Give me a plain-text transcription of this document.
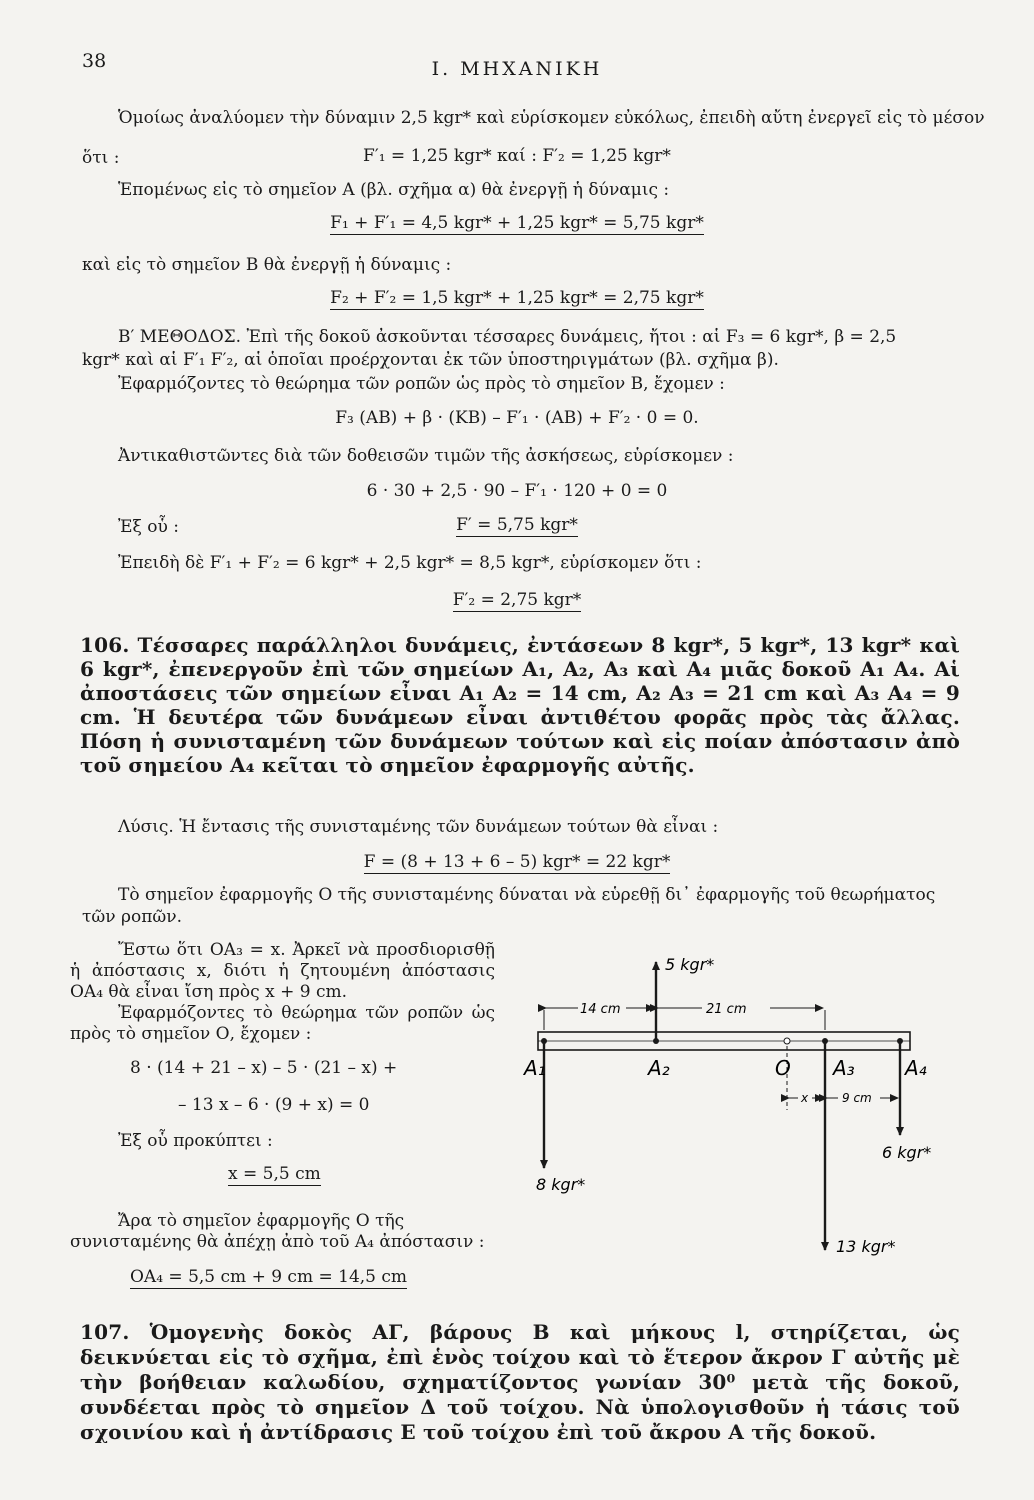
38	I. ΜΗΧΑΝΙΚΗ
Ὁμοίως ἀναλύομεν τὴν δύναμιν 2,5 kgr* καὶ εὑρίσκομεν εὐκόλως, ἐπειδὴ αὔτη ἐνεργεῖ εἰς τὸ μέσον
ὅτι :	F′₁ = 1,25 kgr* καί : F′₂ = 1,25 kgr*
Ἑπομένως εἰς τὸ σημεῖον Α (βλ. σχῆμα α) θὰ ἐνεργῇ ἡ δύναμις :
F₁ + F′₁ = 4,5 kgr* + 1,25 kgr* = 5,75 kgr*
καὶ εἰς τὸ σημεῖον Β θὰ ἐνεργῇ ἡ δύναμις :
F₂ + F′₂ = 1,5 kgr* + 1,25 kgr* = 2,75 kgr*
Β′ ΜΕΘΟΔΟΣ. Ἐπὶ τῆς δοκοῦ ἀσκοῦνται τέσσαρες δυνάμεις, ἤτοι : αἱ F₃ = 6 kgr*, β = 2,5
kgr* καὶ αἱ F′₁ F′₂, αἱ ὁποῖαι προέρχονται ἐκ τῶν ὑποστηριγμάτων (βλ. σχῆμα β).
Ἐφαρμόζοντες τὸ θεώρημα τῶν ροπῶν ὡς πρὸς τὸ σημεῖον Β, ἔχομεν :
F₃ (ΑΒ) + β · (ΚΒ) – F′₁ · (ΑΒ) + F′₂ · 0 = 0.
Ἀντικαθιστῶντες διὰ τῶν δοθεισῶν τιμῶν τῆς ἀσκήσεως, εὑρίσκομεν :
6 · 30 + 2,5 · 90 – F′₁ · 120 + 0 = 0
Ἐξ οὗ :	F′ = 5,75 kgr*
Ἐπειδὴ δὲ F′₁ + F′₂ = 6 kgr* + 2,5 kgr* = 8,5 kgr*, εὑρίσκομεν ὅτι :
F′₂ = 2,75 kgr*
106. Τέσσαρες παράλληλοι δυνάμεις, ἐντάσεων 8 kgr*, 5 kgr*, 13 kgr* καὶ 6 kgr*, ἐπενεργοῦν ἐπὶ τῶν σημείων Α₁, Α₂, Α₃ καὶ Α₄ μιᾶς δοκοῦ Α₁ Α₄. Αἱ ἀποστάσεις τῶν σημείων εἶναι Α₁ Α₂ = 14 cm, Α₂ Α₃ = 21 cm καὶ Α₃ Α₄ = 9 cm. Ἡ δευτέρα τῶν δυνάμεων εἶναι ἀντιθέτου φορᾶς πρὸς τὰς ἄλλας. Πόση ἡ συνισταμένη τῶν δυνάμεων τούτων καὶ εἰς ποίαν ἀπόστασιν ἀπὸ τοῦ σημείου Α₄ κεῖται τὸ σημεῖον ἐφαρμογῆς αὐτῆς.
Λύσις. Ἡ ἔντασις τῆς συνισταμένης τῶν δυνάμεων τούτων θὰ εἶναι :
F = (8 + 13 + 6 – 5) kgr* = 22 kgr*
Τὸ σημεῖον ἐφαρμογῆς Ο τῆς συνισταμένης δύναται νὰ εὑρεθῇ δι᾽ ἐφαρμογῆς τοῦ θεωρήματος τῶν ροπῶν.
Ἔστω ὅτι ΟΑ₃ = x. Ἀρκεῖ νὰ προσδιορισθῇ ἡ ἀπόστασις x, διότι ἡ ζητουμένη ἀπόστασις ΟΑ₄ θὰ εἶναι ἴση πρὸς x + 9 cm.
Ἐφαρμόζοντες τὸ θεώρημα τῶν ροπῶν ὡς πρὸς τὸ σημεῖον Ο, ἔχομεν :
8 · (14 + 21 – x) – 5 · (21 – x) +
– 13 x – 6 · (9 + x) = 0
Ἐξ οὗ προκύπτει :
x = 5,5 cm
Ἄρα τὸ σημεῖον ἐφαρμογῆς Ο τῆς συνισταμένης θὰ ἀπέχῃ ἀπὸ τοῦ Α₄ ἀπόστασιν :
ΟΑ₄ = 5,5 cm + 9 cm = 14,5 cm
5 kgr*
8 kgr*
13 kgr*
6 kgr*
14 cm	21 cm
x	9 cm
A₁	A₂	O A₃	A₄
107. Ὁμογενὴς δοκὸς ΑΓ, βάρους Β καὶ μήκους l, στηρίζεται, ὡς δεικνύεται εἰς τὸ σχῆμα, ἐπὶ ἑνὸς τοίχου καὶ τὸ ἕτερον ἄκρον Γ αὐτῆς μὲ τὴν βοήθειαν καλωδίου, σχηματίζοντος γωνίαν 30⁰ μετὰ τῆς δοκοῦ, συνδέεται πρὸς τὸ σημεῖον Δ τοῦ τοίχου. Νὰ ὑπολογισθοῦν ἡ τάσις τοῦ σχοινίου καὶ ἡ ἀντίδρασις Ε τοῦ τοίχου ἐπὶ τοῦ ἄκρου Α τῆς δοκοῦ.
